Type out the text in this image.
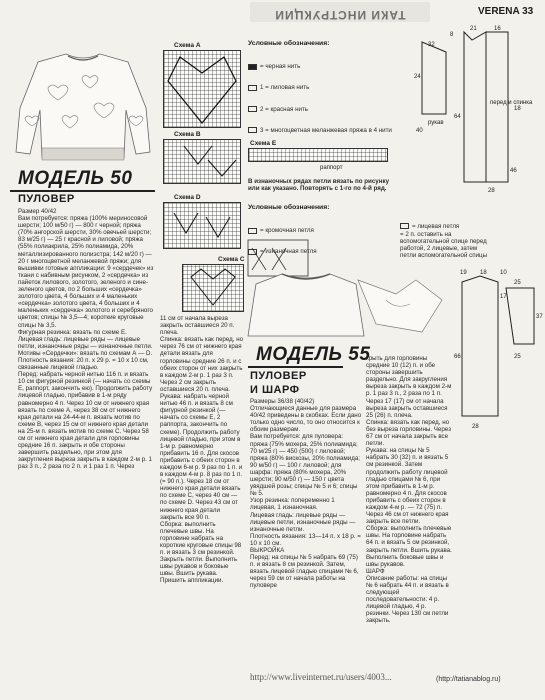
ТАКИ ИНСТРУКЦИИ	VERENA 33
МОДЕЛЬ 50
ПУЛОВЕР
Размер 40/42
Вам потребуется: пряжа (100% мериносовой шерсти; 100 м/50 г) — 800 г черной; пряжа (70% ангорской шерсти, 30% овечьей шерсти; 83 м/25 г) — 25 г красной и лиловой; пряжа (55% полиакрила, 25% полиамида, 20% металлизированного полиэстра; 142 м/20 г) — 20 г многоцветной меланжевой пряжи; для вышивки готовые аппликации: 9 «сердечек» из ткани с набивным рисунком, 2 «сердечка» из пайеток лилового, золотого, зеленого и сине-зеленого цветов, по 2 больших «сердечка» золотого цвета, 4 больших и 4 маленьких «сердечка» золотого цвета, 4 больших и 4 маленьких «сердечка» золотого и серебряного цветов; спицы № 3,5—4; короткие круговые спицы № 3,5.
Фигурная резинка: вязать по схеме Е.
Лицевая гладь: лицевые ряды — лицевые петли, изнаночные ряды — изнаночные петли.
Мотивы «Сердечки»: вязать по схемам А — D.
Плотность вязания: 20 п. х 29 р. = 10 х 10 см, связанные лицевой гладью.
Перед: набрать черной нитью 116 п. и вязать 10 см фигурной резинкой (— начать со схемы Е, раппорт, закончить ею). Продолжить работу лицевой гладью, прибавив в 1-м ряду равномерно 4 п. Через 10 см от нижнего края вязать по схеме А, через 38 см от нижнего края детали на 24-44-м п. вязать мотив по схеме В, через 15 см от нижнего края детали на 25-м п. вязать мотив по схеме С. Через 58 см от нижнего края детали для горловины средние 16 п. закрыть и обе стороны завершить раздельно, при этом для закругления выреза закрыть в каждом 2-м р. 1 раз 3 п., 2 раза по 2 п. и 1 раз 1 п. Через
11 см от начала выреза закрыть оставшиеся 20 п. плеча.
Спинка: вязать как перед, но через 76 см от нижнего края детали вязать для горловины средние 26 п. и с обеих сторон от них закрыть в каждом 2-м р. 1 раз 3 п. Через 2 см закрыть оставшиеся 20 п. плеча.
Рукава: набрать черной нитью 46 п. и вязать 8 см фигурной резинкой (— начать со схемы Е, 2 раппорта, закончить по схеме). Продолжить работу лицевой гладью, при этом в 1-м р. равномерно прибавить 16 п. Для скосов прибавить с обеих сторон в каждом 6-м р. 9 раз по 1 п. и в каждом 4-м р. 8 раз по 1 п. (= 90 п.). Через 18 см от нижнего края детали вязать по схеме С, через 40 см — по схеме D. Через 43 см от нижнего края детали закрыть все 90 п.
Сборка: выполнить плечевые швы. На горловине набрать на короткие круговые спицы 98 п. и вязать 3 см резинкой. Закрыть петли. Выполнить швы рукавов и боковые швы. Вшить рукава. Пришить аппликации.
Схема А
Схема В
Схема D
Схема С
Условные обозначения:

= черная нить

1 = лиловая нить

2 = красная нить

3 = многоцветная меланжевая пряжа в 4 нити

Схема Е
раппорт
В изнаночных рядах петли вязать по рисунку или как указано. Повторять с 1-го по 4-й ряд.
Условные обозначения:

= кромочная петля

= изнаночная петля

= лицевая петля
= 2 п. оставить на вспомогательной спице перед работой, 2 лицевые, затем петли вспомогательной спицы

рукав
перед и спинка
21	16
8
64
18
28
40
24
32
46
МОДЕЛЬ 55
ПУЛОВЕР
И ШАРФ
Размеры 36/38 (40/42)
Отличающиеся данные для размера 40/42 приведены в скобках. Если дано только одно число, то оно относится к обоим размерам.
Вам потребуется: для пуловера: пряжа (75% мохера, 25% полиамида; 70 м/25 г) — 450 (500) г лиловой; пряжа (80% вискозы, 20% полиамида; 90 м/50 г) — 100 г лиловой; для шарфа: пряжа (80% мохера, 20% шерсти; 90 м/50 г) — 150 г цвета увядшей розы; спицы № 5 и 6; спицы № 5.
Узор резинка: попеременно 1 лицевая, 1 изнаночная.
Лицевая гладь: лицевые ряды — лицевые петли, изнаночные ряды — изнаночные петли.
Плотность вязания: 13—14 п. х 18 р. = 10 х 10 см.
ВЫКРОЙКА
Перед: на спицы № 5 набрать 69 (75) п. и вязать 8 см резинкой. Затем, вязать лицевой гладью спицами № 6, через 59 см от начала работы на пуловере
крыть для горловины средние 10 (12) п. и обе стороны завершить раздельно. Для закругления выреза закрыть в каждом 2-м р. 1 раз 3 п., 2 раза по 1 п. Через 17 (17) см от начала выреза закрыть оставшиеся 25 (26) п. плеча.
Спинка: вязать как перед, но без выреза горловины. Через 67 см от начала закрыть все петли.
Рукава: на спицы № 5 набрать 30 (32) п. и вязать 5 см резинкой. Затем продолжить работу лицевой гладью спицами № 6, при этом прибавить в 1-м р. равномерно 4 п. Для скосов прибавить с обеих сторон в каждом 4-м р. — 72 (75) п. Через 46 см от нижнего края закрыть все петли.
Сборка: выполнить плечевые швы. На горловине набрать 64 п. и вязать 5 см резинкой, закрыть петли. Вшить рукава. Выполнить боковые швы и швы рукавов.
ШАРФ
Описание работы: на спицы № 6 набрать 44 п. и вязать в следующей последовательности: 4 р. лицевой гладью, 4 р. резинки. Через 130 см петли закрыть.
19 18 10
17
66
28
25
25
37
http://www.liveinternet.ru/users/4003...	(http://tatianablog.ru)
